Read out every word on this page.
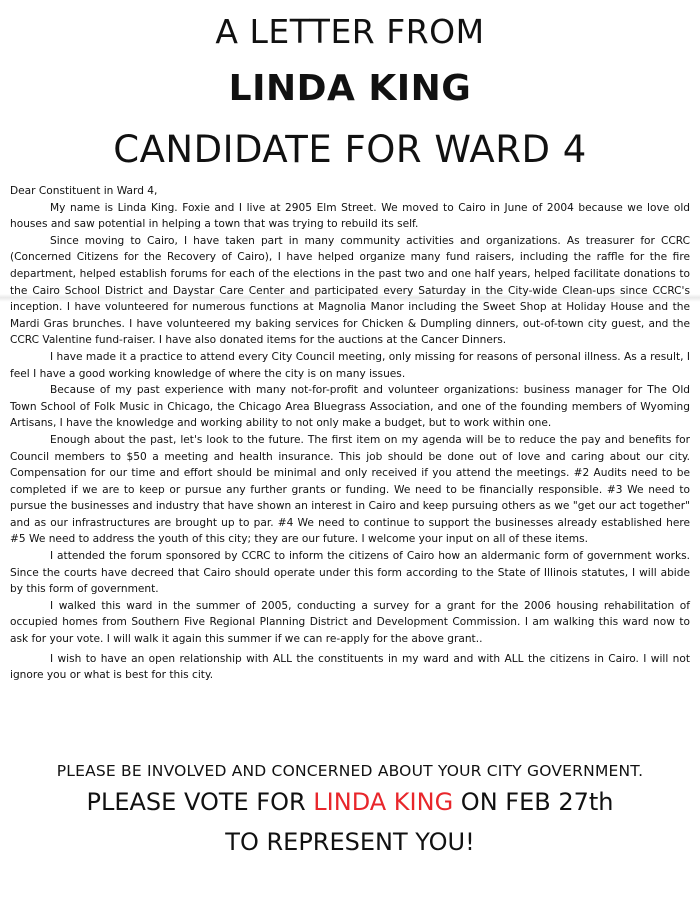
A LETTER FROM
LINDA KING
CANDIDATE FOR WARD 4

Dear Constituent in Ward 4,

My name is Linda King. Foxie and I live at 2905 Elm Street. We moved to Cairo in June of 2004 because we love old houses and saw potential in helping a town that was trying to rebuild its self.

Since moving to Cairo, I have taken part in many community activities and organizations. As treasurer for CCRC (Concerned Citizens for the Recovery of Cairo), I have helped organize many fund raisers, including the raffle for the fire department, helped establish forums for each of the elections in the past two and one half years, helped facilitate donations to the Cairo School District and Daystar Care Center and participated every Saturday in the City-wide Clean-ups since CCRC's inception. I have volunteered for numerous functions at Magnolia Manor including the Sweet Shop at Holiday House and the Mardi Gras brunches. I have volunteered my baking services for Chicken & Dumpling dinners, out-of-town city guest, and the CCRC Valentine fund-raiser. I have also donated items for the auctions at the Cancer Dinners.

I have made it a practice to attend every City Council meeting, only missing for reasons of personal illness. As a result, I feel I have a good working knowledge of where the city is on many issues.

Because of my past experience with many not-for-profit and volunteer organizations: business manager for The Old Town School of Folk Music in Chicago, the Chicago Area Bluegrass Association, and one of the founding members of Wyoming Artisans, I have the knowledge and working ability to not only make a budget, but to work within one.

Enough about the past, let's look to the future. The first item on my agenda will be to reduce the pay and benefits for Council members to $50 a meeting and health insurance. This job should be done out of love and caring about our city. Compensation for our time and effort should be minimal and only received if you attend the meetings. #2 Audits need to be completed if we are to keep or pursue any further grants or funding. We need to be financially responsible. #3 We need to pursue the businesses and industry that have shown an interest in Cairo and keep pursuing others as we "get our act together" and as our infrastructures are brought up to par. #4 We need to continue to support the businesses already established here #5 We need to address the youth of this city; they are our future. I welcome your input on all of these items.

I attended the forum sponsored by CCRC to inform the citizens of Cairo how an aldermanic form of government works. Since the courts have decreed that Cairo should operate under this form according to the State of Illinois statutes, I will abide by this form of government.

I walked this ward in the summer of 2005, conducting a survey for a grant for the 2006 housing rehabilitation of occupied homes from Southern Five Regional Planning District and Development Commission. I am walking this ward now to ask for your vote. I will walk it again this summer if we can re-apply for the above grant..

I wish to have an open relationship with ALL the constituents in my ward and with ALL the citizens in Cairo. I will not ignore you or what is best for this city.

PLEASE BE INVOLVED AND CONCERNED ABOUT YOUR CITY GOVERNMENT.
PLEASE VOTE FOR LINDA KING ON FEB 27th
TO REPRESENT YOU!
